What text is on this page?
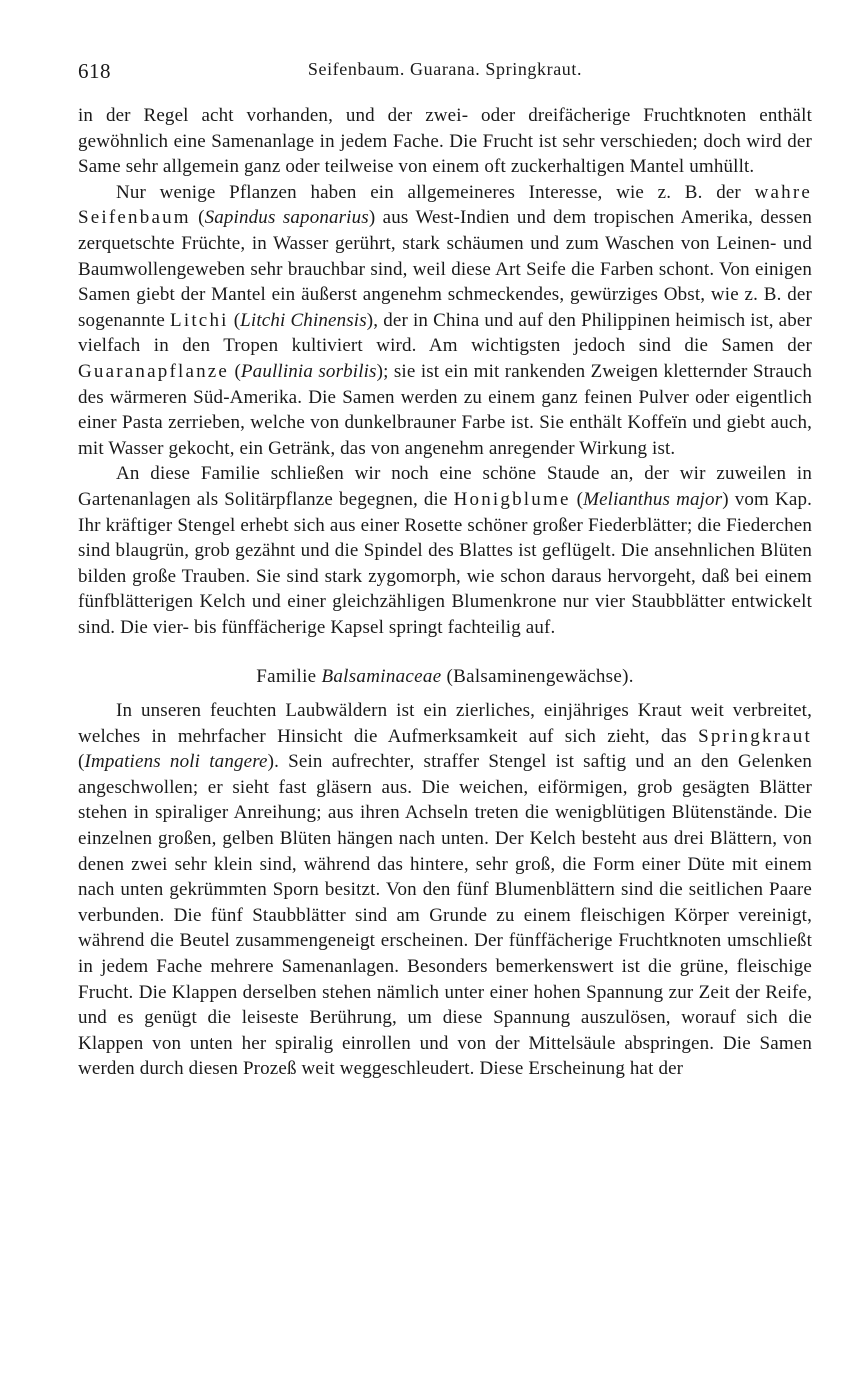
618	Seifenbaum. Guarana. Springkraut.

in der Regel acht vorhanden, und der zwei- oder dreifächerige Fruchtknoten enthält gewöhnlich eine Samenanlage in jedem Fache. Die Frucht ist sehr verschieden; doch wird der Same sehr allgemein ganz oder teilweise von einem oft zuckerhaltigen Mantel umhüllt.

Nur wenige Pflanzen haben ein allgemeineres Interesse, wie z. B. der wahre Seifenbaum (Sapindus saponarius) aus West-Indien und dem tropischen Amerika, dessen zerquetschte Früchte, in Wasser gerührt, stark schäumen und zum Waschen von Leinen- und Baumwollengeweben sehr brauchbar sind, weil diese Art Seife die Farben schont. Von einigen Samen giebt der Mantel ein äußerst angenehm schmeckendes, gewürziges Obst, wie z. B. der sogenannte Litchi (Litchi Chinensis), der in China und auf den Philippinen heimisch ist, aber vielfach in den Tropen kultiviert wird. Am wichtigsten jedoch sind die Samen der Guaranapflanze (Paullinia sorbilis); sie ist ein mit rankenden Zweigen kletternder Strauch des wärmeren Süd-Amerika. Die Samen werden zu einem ganz feinen Pulver oder eigentlich einer Pasta zerrieben, welche von dunkelbrauner Farbe ist. Sie enthält Koffeïn und giebt auch, mit Wasser gekocht, ein Getränk, das von angenehm anregender Wirkung ist.

An diese Familie schließen wir noch eine schöne Staude an, der wir zuweilen in Gartenanlagen als Solitärpflanze begegnen, die Honigblume (Melianthus major) vom Kap. Ihr kräftiger Stengel erhebt sich aus einer Rosette schöner großer Fiederblätter; die Fiederchen sind blaugrün, grob gezähnt und die Spindel des Blattes ist geflügelt. Die ansehnlichen Blüten bilden große Trauben. Sie sind stark zygomorph, wie schon daraus hervorgeht, daß bei einem fünfblätterigen Kelch und einer gleichzähligen Blumenkrone nur vier Staubblätter entwickelt sind. Die vier- bis fünffächerige Kapsel springt fachteilig auf.

Familie Balsaminaceae (Balsaminengewächse).

In unseren feuchten Laubwäldern ist ein zierliches, einjähriges Kraut weit verbreitet, welches in mehrfacher Hinsicht die Aufmerksamkeit auf sich zieht, das Springkraut (Impatiens noli tangere). Sein aufrechter, straffer Stengel ist saftig und an den Gelenken angeschwollen; er sieht fast gläsern aus. Die weichen, eiförmigen, grob gesägten Blätter stehen in spiraliger Anreihung; aus ihren Achseln treten die wenigblütigen Blütenstände. Die einzelnen großen, gelben Blüten hängen nach unten. Der Kelch besteht aus drei Blättern, von denen zwei sehr klein sind, während das hintere, sehr groß, die Form einer Düte mit einem nach unten gekrümmten Sporn besitzt. Von den fünf Blumenblättern sind die seitlichen Paare verbunden. Die fünf Staubblätter sind am Grunde zu einem fleischigen Körper vereinigt, während die Beutel zusammengeneigt erscheinen. Der fünffächerige Fruchtknoten umschließt in jedem Fache mehrere Samenanlagen. Besonders bemerkenswert ist die grüne, fleischige Frucht. Die Klappen derselben stehen nämlich unter einer hohen Spannung zur Zeit der Reife, und es genügt die leiseste Berührung, um diese Spannung auszulösen, worauf sich die Klappen von unten her spiralig einrollen und von der Mittelsäule abspringen. Die Samen werden durch diesen Prozeß weit weggeschleudert. Diese Erscheinung hat der
